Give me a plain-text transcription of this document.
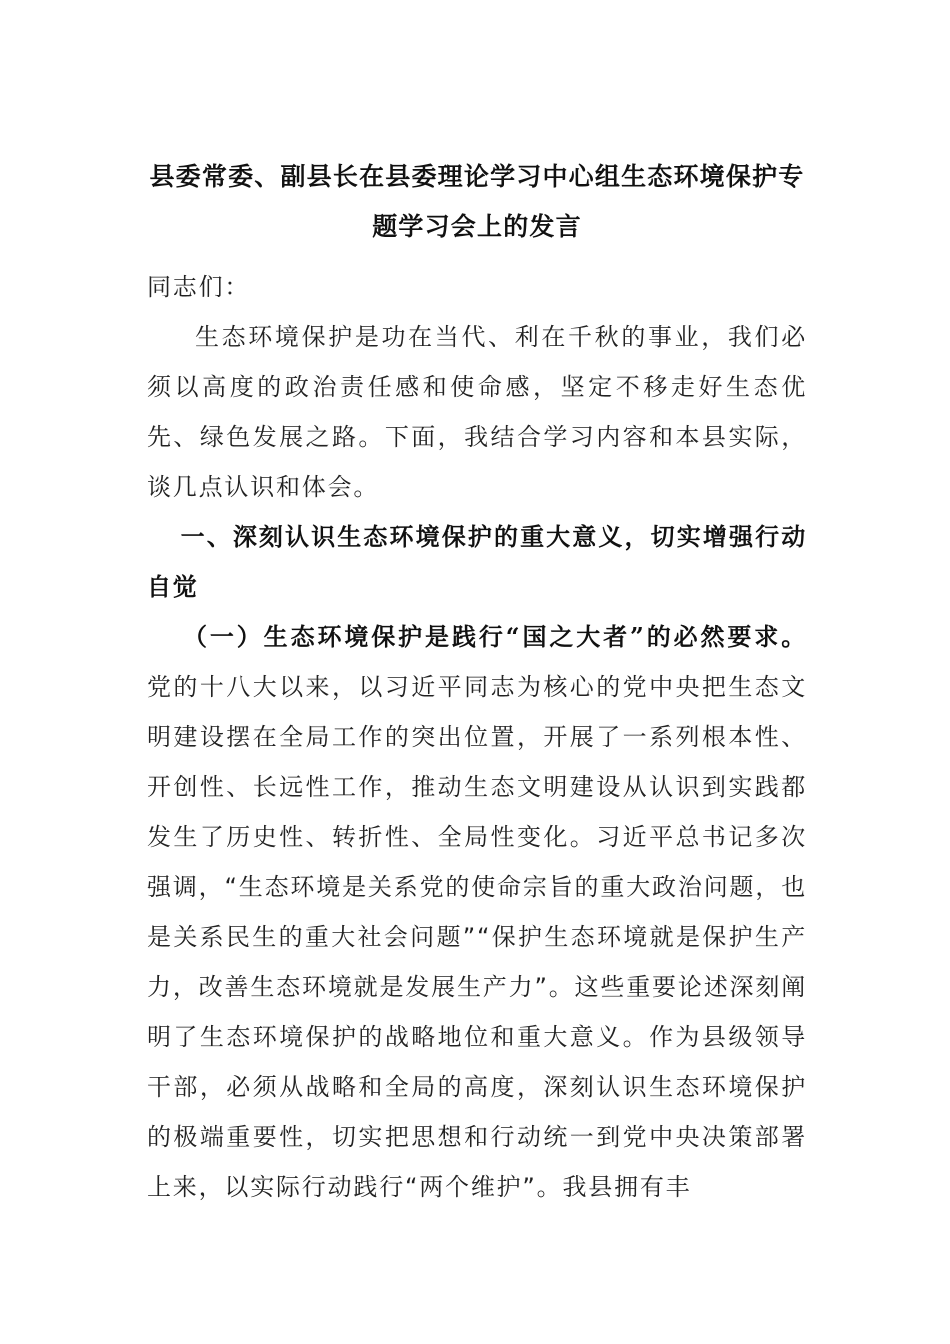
县委常委、副县长在县委理论学习中心组生态环境保护专题学习会上的发言

同志们：

生态环境保护是功在当代、利在千秋的事业，我们必须以高度的政治责任感和使命感，坚定不移走好生态优先、绿色发展之路。下面，我结合学习内容和本县实际，谈几点认识和体会。

一、深刻认识生态环境保护的重大意义，切实增强行动自觉

（一）生态环境保护是践行“国之大者”的必然要求。党的十八大以来，以习近平同志为核心的党中央把生态文明建设摆在全局工作的突出位置，开展了一系列根本性、开创性、长远性工作，推动生态文明建设从认识到实践都发生了历史性、转折性、全局性变化。习近平总书记多次强调，“生态环境是关系党的使命宗旨的重大政治问题，也是关系民生的重大社会问题”“保护生态环境就是保护生产力，改善生态环境就是发展生产力”。这些重要论述深刻阐明了生态环境保护的战略地位和重大意义。作为县级领导干部，必须从战略和全局的高度，深刻认识生态环境保护的极端重要性，切实把思想和行动统一到党中央决策部署上来，以实际行动践行“两个维护”。我县拥有丰
